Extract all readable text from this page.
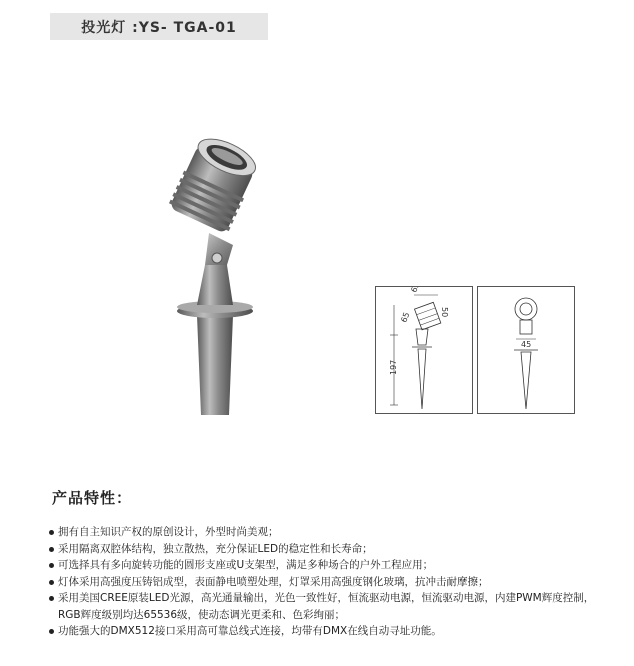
投光灯 :YS- TGA-01
197
65
50
65
45
产品特性：
拥有自主知识产权的原创设计，外型时尚美观；
采用隔离双腔体结构，独立散热，充分保证LED的稳定性和长寿命；
可选择具有多向旋转功能的圆形支座或U支架型，满足多种场合的户外工程应用；
灯体采用高强度压铸铝成型，表面静电喷塑处理，灯罩采用高强度钢化玻璃，抗冲击耐摩擦；
采用美国CREE原装LED光源，高光通量输出，光色一致性好，恒流驱动电源，恒流驱动电源，内建PWM辉度控制，RGB辉度级别均达65536级，使动态调光更柔和、色彩绚丽；
功能强大的DMX512接口采用高可靠总线式连接，均带有DMX在线自动寻址功能。
